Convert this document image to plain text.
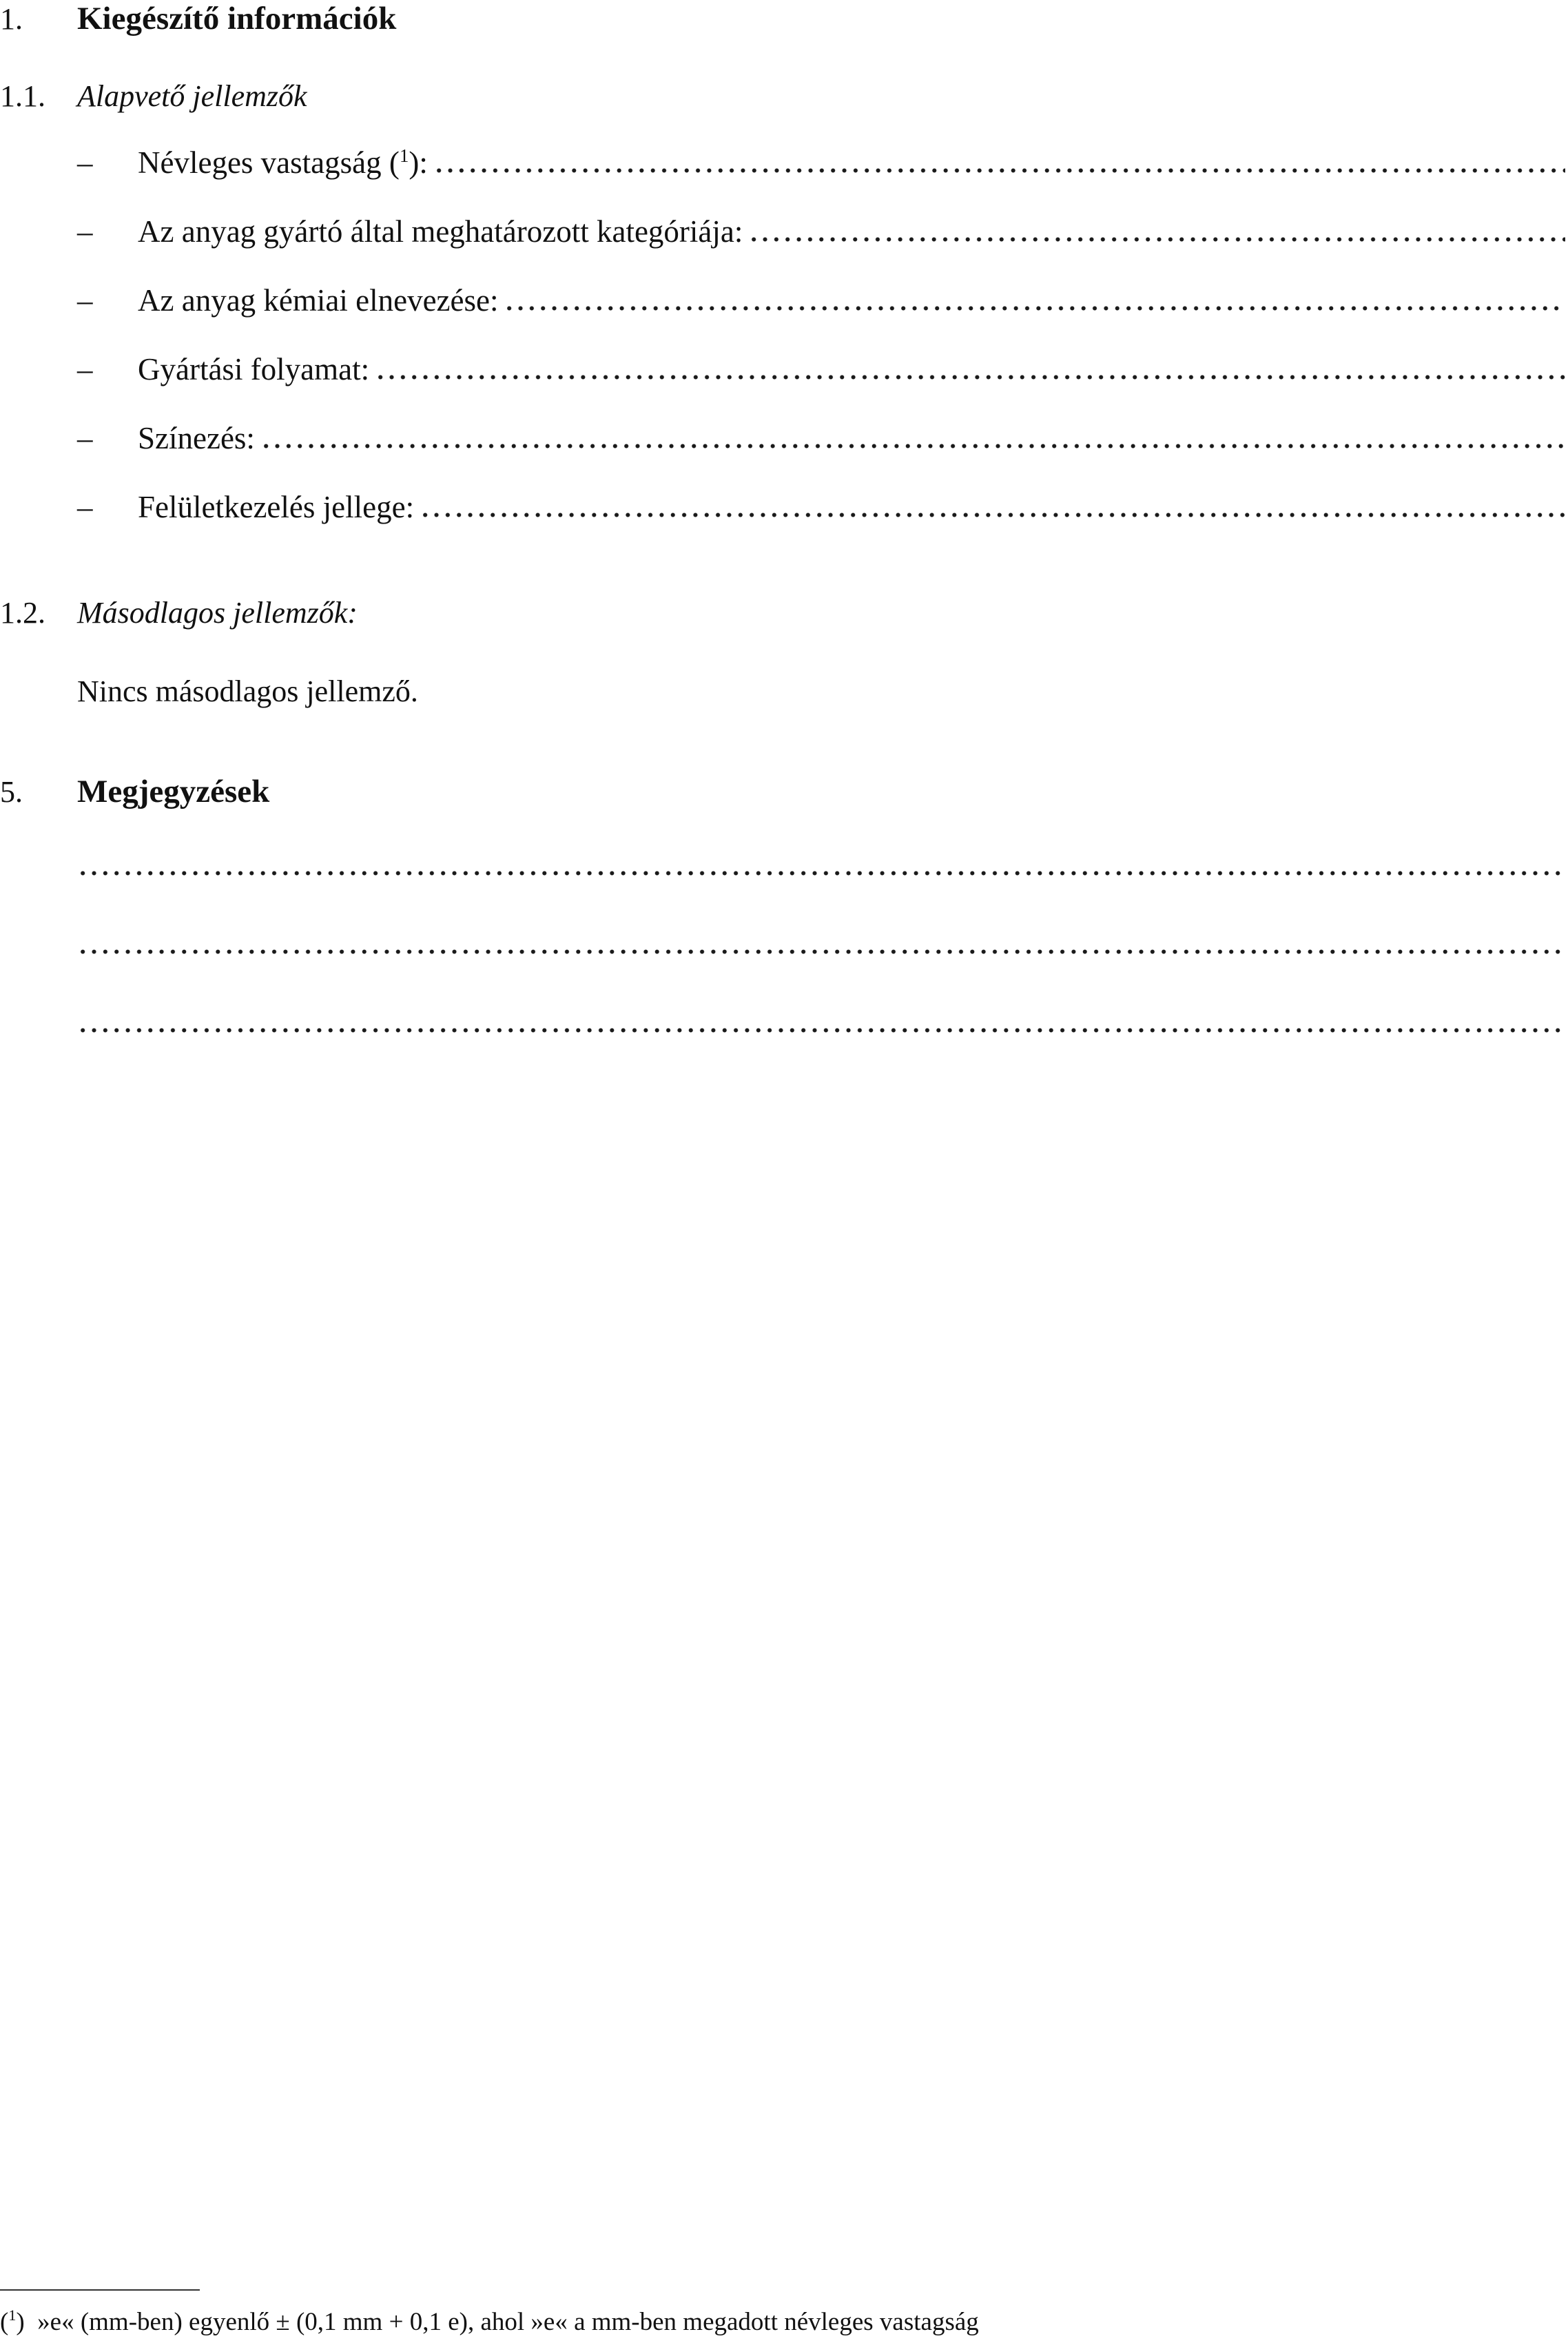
1. Kiegészítő információk
1.1. Alapvető jellemzők
–	Névleges vastagság ($^1$):
–	Az anyag gyártó által meghatározott kategóriája:
–	Az anyag kémiai elnevezése:
–	Gyártási folyamat:
–	Színezés:
–	Felületkezelés jellege:
1.2. Másodlagos jellemzők:
Nincs másodlagos jellemző.
5. Megjegyzések
($^1$) »e« (mm-ben) egyenlő ± (0,1 mm + 0,1 e), ahol »e« a mm-ben megadott névleges vastagság
